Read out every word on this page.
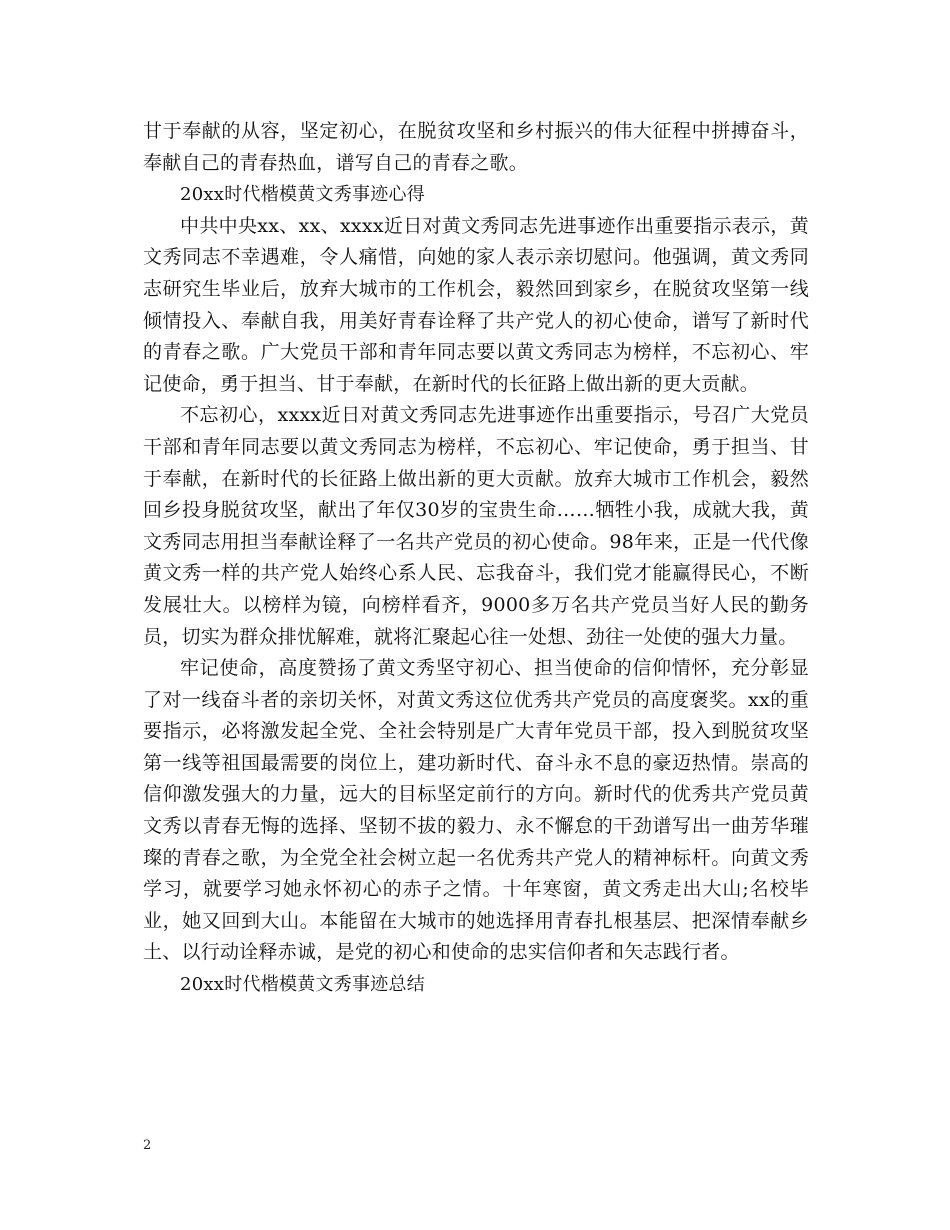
甘于奉献的从容，坚定初心，在脱贫攻坚和乡村振兴的伟大征程中拼搏奋斗，奉献自己的青春热血，谱写自己的青春之歌。

20xx时代楷模黄文秀事迹心得

中共中央xx、xx、xxxx近日对黄文秀同志先进事迹作出重要指示表示，黄文秀同志不幸遇难，令人痛惜，向她的家人表示亲切慰问。他强调，黄文秀同志研究生毕业后，放弃大城市的工作机会，毅然回到家乡，在脱贫攻坚第一线倾情投入、奉献自我，用美好青春诠释了共产党人的初心使命，谱写了新时代的青春之歌。广大党员干部和青年同志要以黄文秀同志为榜样，不忘初心、牢记使命，勇于担当、甘于奉献，在新时代的长征路上做出新的更大贡献。

不忘初心，xxxx近日对黄文秀同志先进事迹作出重要指示，号召广大党员干部和青年同志要以黄文秀同志为榜样，不忘初心、牢记使命，勇于担当、甘于奉献，在新时代的长征路上做出新的更大贡献。放弃大城市工作机会，毅然回乡投身脱贫攻坚，献出了年仅30岁的宝贵生命……牺牲小我，成就大我，黄文秀同志用担当奉献诠释了一名共产党员的初心使命。98年来，正是一代代像黄文秀一样的共产党人始终心系人民、忘我奋斗，我们党才能赢得民心，不断发展壮大。以榜样为镜，向榜样看齐，9000多万名共产党员当好人民的勤务员，切实为群众排忧解难，就将汇聚起心往一处想、劲往一处使的强大力量。

牢记使命，高度赞扬了黄文秀坚守初心、担当使命的信仰情怀，充分彰显了对一线奋斗者的亲切关怀，对黄文秀这位优秀共产党员的高度褒奖。xx的重要指示，必将激发起全党、全社会特别是广大青年党员干部，投入到脱贫攻坚第一线等祖国最需要的岗位上，建功新时代、奋斗永不息的豪迈热情。崇高的信仰激发强大的力量，远大的目标坚定前行的方向。新时代的优秀共产党员黄文秀以青春无悔的选择、坚韧不拔的毅力、永不懈怠的干劲谱写出一曲芳华璀璨的青春之歌，为全党全社会树立起一名优秀共产党人的精神标杆。向黄文秀学习，就要学习她永怀初心的赤子之情。十年寒窗，黄文秀走出大山;名校毕业，她又回到大山。本能留在大城市的她选择用青春扎根基层、把深情奉献乡土、以行动诠释赤诚，是党的初心和使命的忠实信仰者和矢志践行者。

20xx时代楷模黄文秀事迹总结

2
